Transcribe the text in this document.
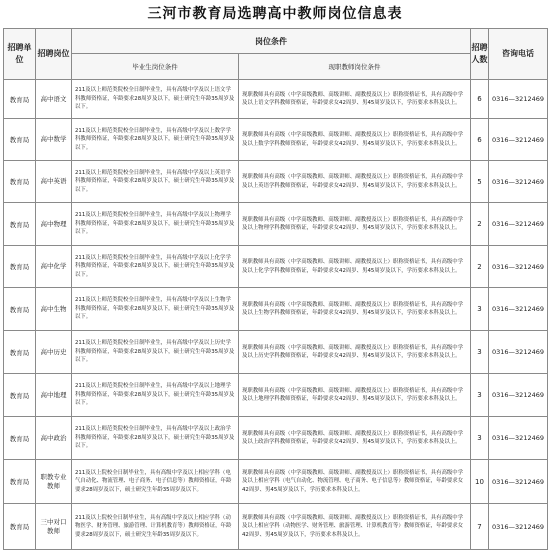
三河市教育局选聘高中教师岗位信息表
招聘单位	招聘岗位	岗位条件		招聘人数	咨询电话
		毕业生岗位条件	现职教师岗位条件		
教育局	高中语文	211及以上师范类院校全日制毕业生，具有高级中学及以上语文学科教师资格证，年龄要求28周岁及以下，硕士研究生年龄35周岁及以下。	现职教师具有高级（中学高级教师、高级讲师、副教授及以上）职称资格证书，具有高级中学及以上语文学科教师资格证，年龄要求女42周岁、男45周岁及以下，学历要求本科及以上。	6	0316—3212469
教育局	高中数学	211及以上师范类院校全日制毕业生，具有高级中学及以上数学学科教师资格证，年龄要求28周岁及以下，硕士研究生年龄35周岁及以下。	现职教师具有高级（中学高级教师、高级讲师、副教授及以上）职称资格证书，具有高级中学及以上数学学科教师资格证，年龄要求女42周岁、男45周岁及以下，学历要求本科及以上。	6	0316—3212469
教育局	高中英语	211及以上师范类院校全日制毕业生，具有高级中学及以上英语学科教师资格证，年龄要求28周岁及以下，硕士研究生年龄35周岁及以下。	现职教师具有高级（中学高级教师、高级讲师、副教授及以上）职称资格证书，具有高级中学及以上英语学科教师资格证，年龄要求女42周岁、男45周岁及以下，学历要求本科及以上。	5	0316—3212469
教育局	高中物理	211及以上师范类院校全日制毕业生，具有高级中学及以上物理学科教师资格证，年龄要求28周岁及以下，硕士研究生年龄35周岁及以下。	现职教师具有高级（中学高级教师、高级讲师、副教授及以上）职称资格证书，具有高级中学及以上物理学科教师资格证，年龄要求女42周岁、男45周岁及以下，学历要求本科及以上。	2	0316—3212469
教育局	高中化学	211及以上师范类院校全日制毕业生，具有高级中学及以上化学学科教师资格证，年龄要求28周岁及以下，硕士研究生年龄35周岁及以下。	现职教师具有高级（中学高级教师、高级讲师、副教授及以上）职称资格证书，具有高级中学及以上化学学科教师资格证，年龄要求女42周岁、男45周岁及以下，学历要求本科及以上。	2	0316—3212469
教育局	高中生物	211及以上师范类院校全日制毕业生，具有高级中学及以上生物学科教师资格证，年龄要求28周岁及以下，硕士研究生年龄35周岁及以下。	现职教师具有高级（中学高级教师、高级讲师、副教授及以上）职称资格证书，具有高级中学及以上生物学科教师资格证，年龄要求女42周岁、男45周岁及以下，学历要求本科及以上。	3	0316—3212469
教育局	高中历史	211及以上师范类院校全日制毕业生，具有高级中学及以上历史学科教师资格证，年龄要求28周岁及以下，硕士研究生年龄35周岁及以下。	现职教师具有高级（中学高级教师、高级讲师、副教授及以上）职称资格证书，具有高级中学及以上历史学科教师资格证，年龄要求女42周岁、男45周岁及以下，学历要求本科及以上。	3	0316—3212469
教育局	高中地理	211及以上师范类院校全日制毕业生，具有高级中学及以上地理学科教师资格证，年龄要求28周岁及以下，硕士研究生年龄35周岁及以下。	现职教师具有高级（中学高级教师、高级讲师、副教授及以上）职称资格证书，具有高级中学及以上地理学科教师资格证，年龄要求女42周岁、男45周岁及以下，学历要求本科及以上。	3	0316—3212469
教育局	高中政治	211及以上师范类院校全日制毕业生，具有高级中学及以上政治学科教师资格证，年龄要求28周岁及以下，硕士研究生年龄35周岁及以下。	现职教师具有高级（中学高级教师、高级讲师、副教授及以上）职称资格证书，具有高级中学及以上政治学科教师资格证，年龄要求女42周岁、男45周岁及以下，学历要求本科及以上。	3	0316—3212469
教育局	职教专业教师	211及以上院校全日制毕业生，具有高级中学及以上相应学科（电气自动化、物流管理、电子商务、电子信息等）教师资格证，年龄要求28周岁及以下，硕士研究生年龄35周岁及以下。	现职教师具有高级（中学高级教师、高级讲师、副教授及以上）职称资格证书，具有高级中学及以上相应学科（电气自动化、物流管理、电子商务、电子信息等）教师资格证，年龄要求女42周岁、男45周岁及以下，学历要求本科及以上。	10	0316—3212469
教育局	三中对口教师	211及以上院校全日制毕业生，具有高级中学及以上相应学科（动物医学、财务管理、旅游管理、计算机教育等）教师资格证，年龄要求28周岁及以下，硕士研究生年龄35周岁及以下。	现职教师具有高级（中学高级教师、高级讲师、副教授及以上）职称资格证书，具有高级中学及以上相应学科（动物医学、财务管理、旅游管理、计算机教育等）教师资格证，年龄要求女42周岁、男45周岁及以下，学历要求本科及以上。	7	0316—3212469
